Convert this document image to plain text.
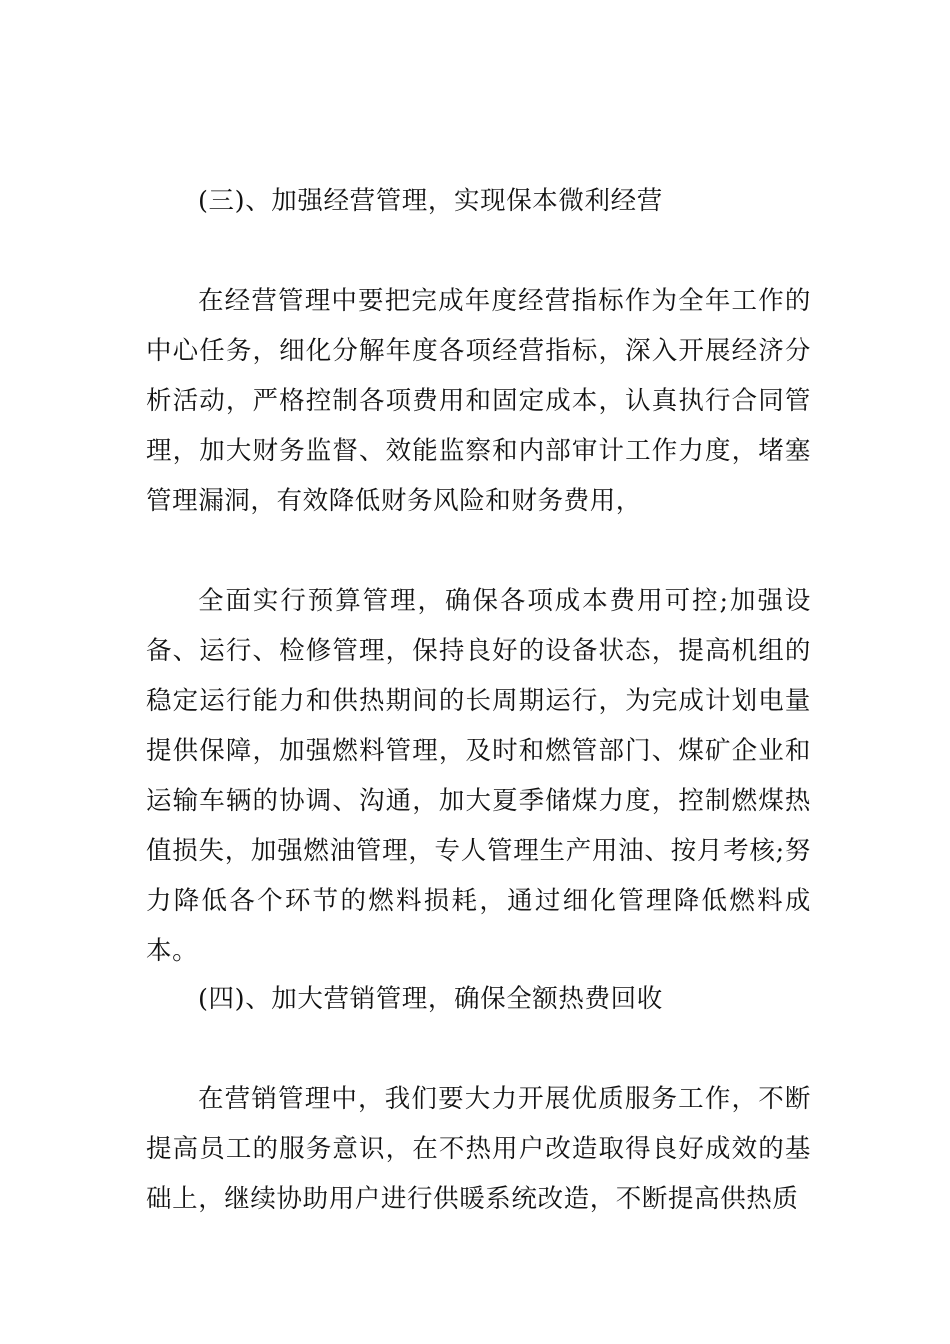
(三)、加强经营管理，实现保本微利经营

在经营管理中要把完成年度经营指标作为全年工作的中心任务，细化分解年度各项经营指标，深入开展经济分析活动，严格控制各项费用和固定成本，认真执行合同管理，加大财务监督、效能监察和内部审计工作力度，堵塞管理漏洞，有效降低财务风险和财务费用，

全面实行预算管理，确保各项成本费用可控;加强设备、运行、检修管理，保持良好的设备状态，提高机组的稳定运行能力和供热期间的长周期运行，为完成计划电量提供保障，加强燃料管理，及时和燃管部门、煤矿企业和运输车辆的协调、沟通，加大夏季储煤力度，控制燃煤热值损失，加强燃油管理，专人管理生产用油、按月考核;努力降低各个环节的燃料损耗，通过细化管理降低燃料成本。

(四)、加大营销管理，确保全额热费回收

在营销管理中，我们要大力开展优质服务工作，不断提高员工的服务意识，在不热用户改造取得良好成效的基础上，继续协助用户进行供暖系统改造，不断提高供热质
